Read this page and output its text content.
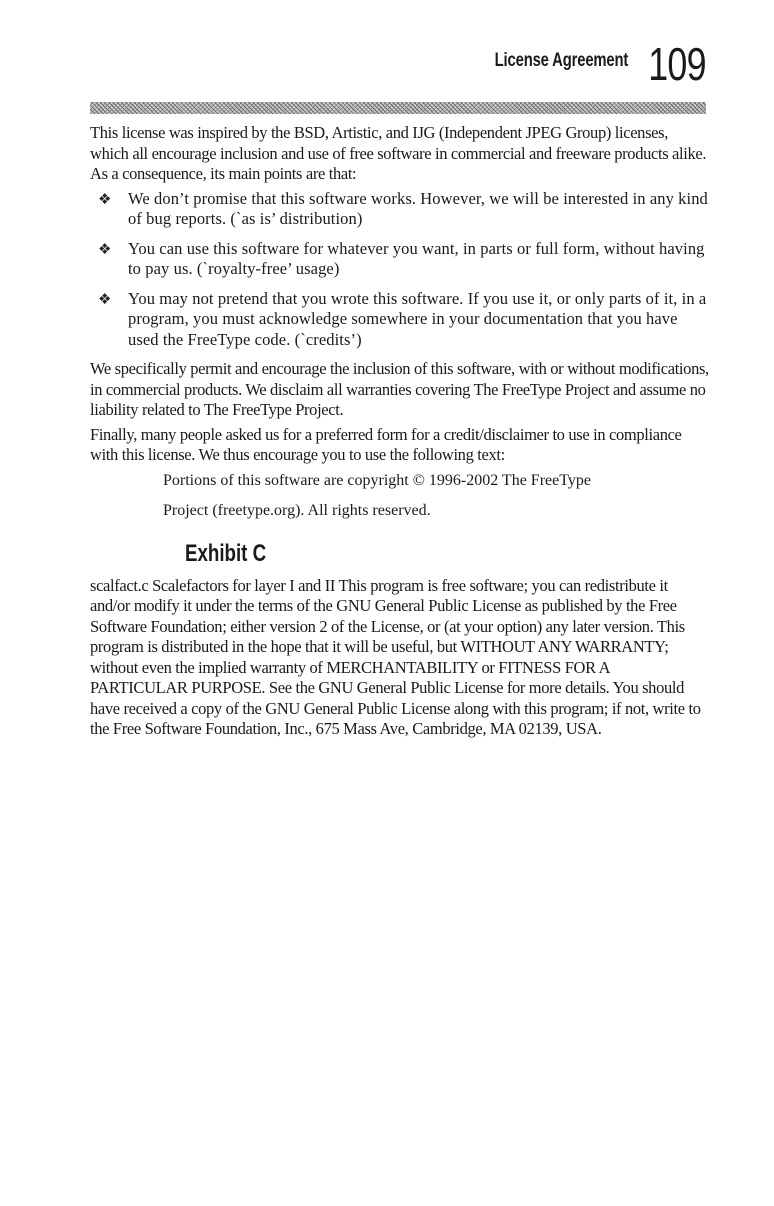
License Agreement 109

This license was inspired by the BSD, Artistic, and IJG (Independent JPEG Group) licenses, which all encourage inclusion and use of free software in commercial and freeware products alike. As a consequence, its main points are that:

❖ We don’t promise that this software works. However, we will be interested in any kind of bug reports. (`as is’ distribution)
❖ You can use this software for whatever you want, in parts or full form, without having to pay us. (`royalty-free’ usage)
❖ You may not pretend that you wrote this software. If you use it, or only parts of it, in a program, you must acknowledge somewhere in your documentation that you have used the FreeType code. (`credits’)

We specifically permit and encourage the inclusion of this software, with or without modifications, in commercial products. We disclaim all warranties covering The FreeType Project and assume no liability related to The FreeType Project.

Finally, many people asked us for a preferred form for a credit/disclaimer to use in compliance with this license. We thus encourage you to use the following text:

Portions of this software are copyright © 1996-2002 The FreeType
Project (freetype.org). All rights reserved.
Exhibit C

scalfact.c Scalefactors for layer I and II This program is free software; you can redistribute it and/or modify it under the terms of the GNU General Public License as published by the Free Software Foundation; either version 2 of the License, or (at your option) any later version. This program is distributed in the hope that it will be useful, but WITHOUT ANY WARRANTY; without even the implied warranty of MERCHANTABILITY or FITNESS FOR A PARTICULAR PURPOSE. See the GNU General Public License for more details. You should have received a copy of the GNU General Public License along with this program; if not, write to the Free Software Foundation, Inc., 675 Mass Ave, Cambridge, MA 02139, USA.
